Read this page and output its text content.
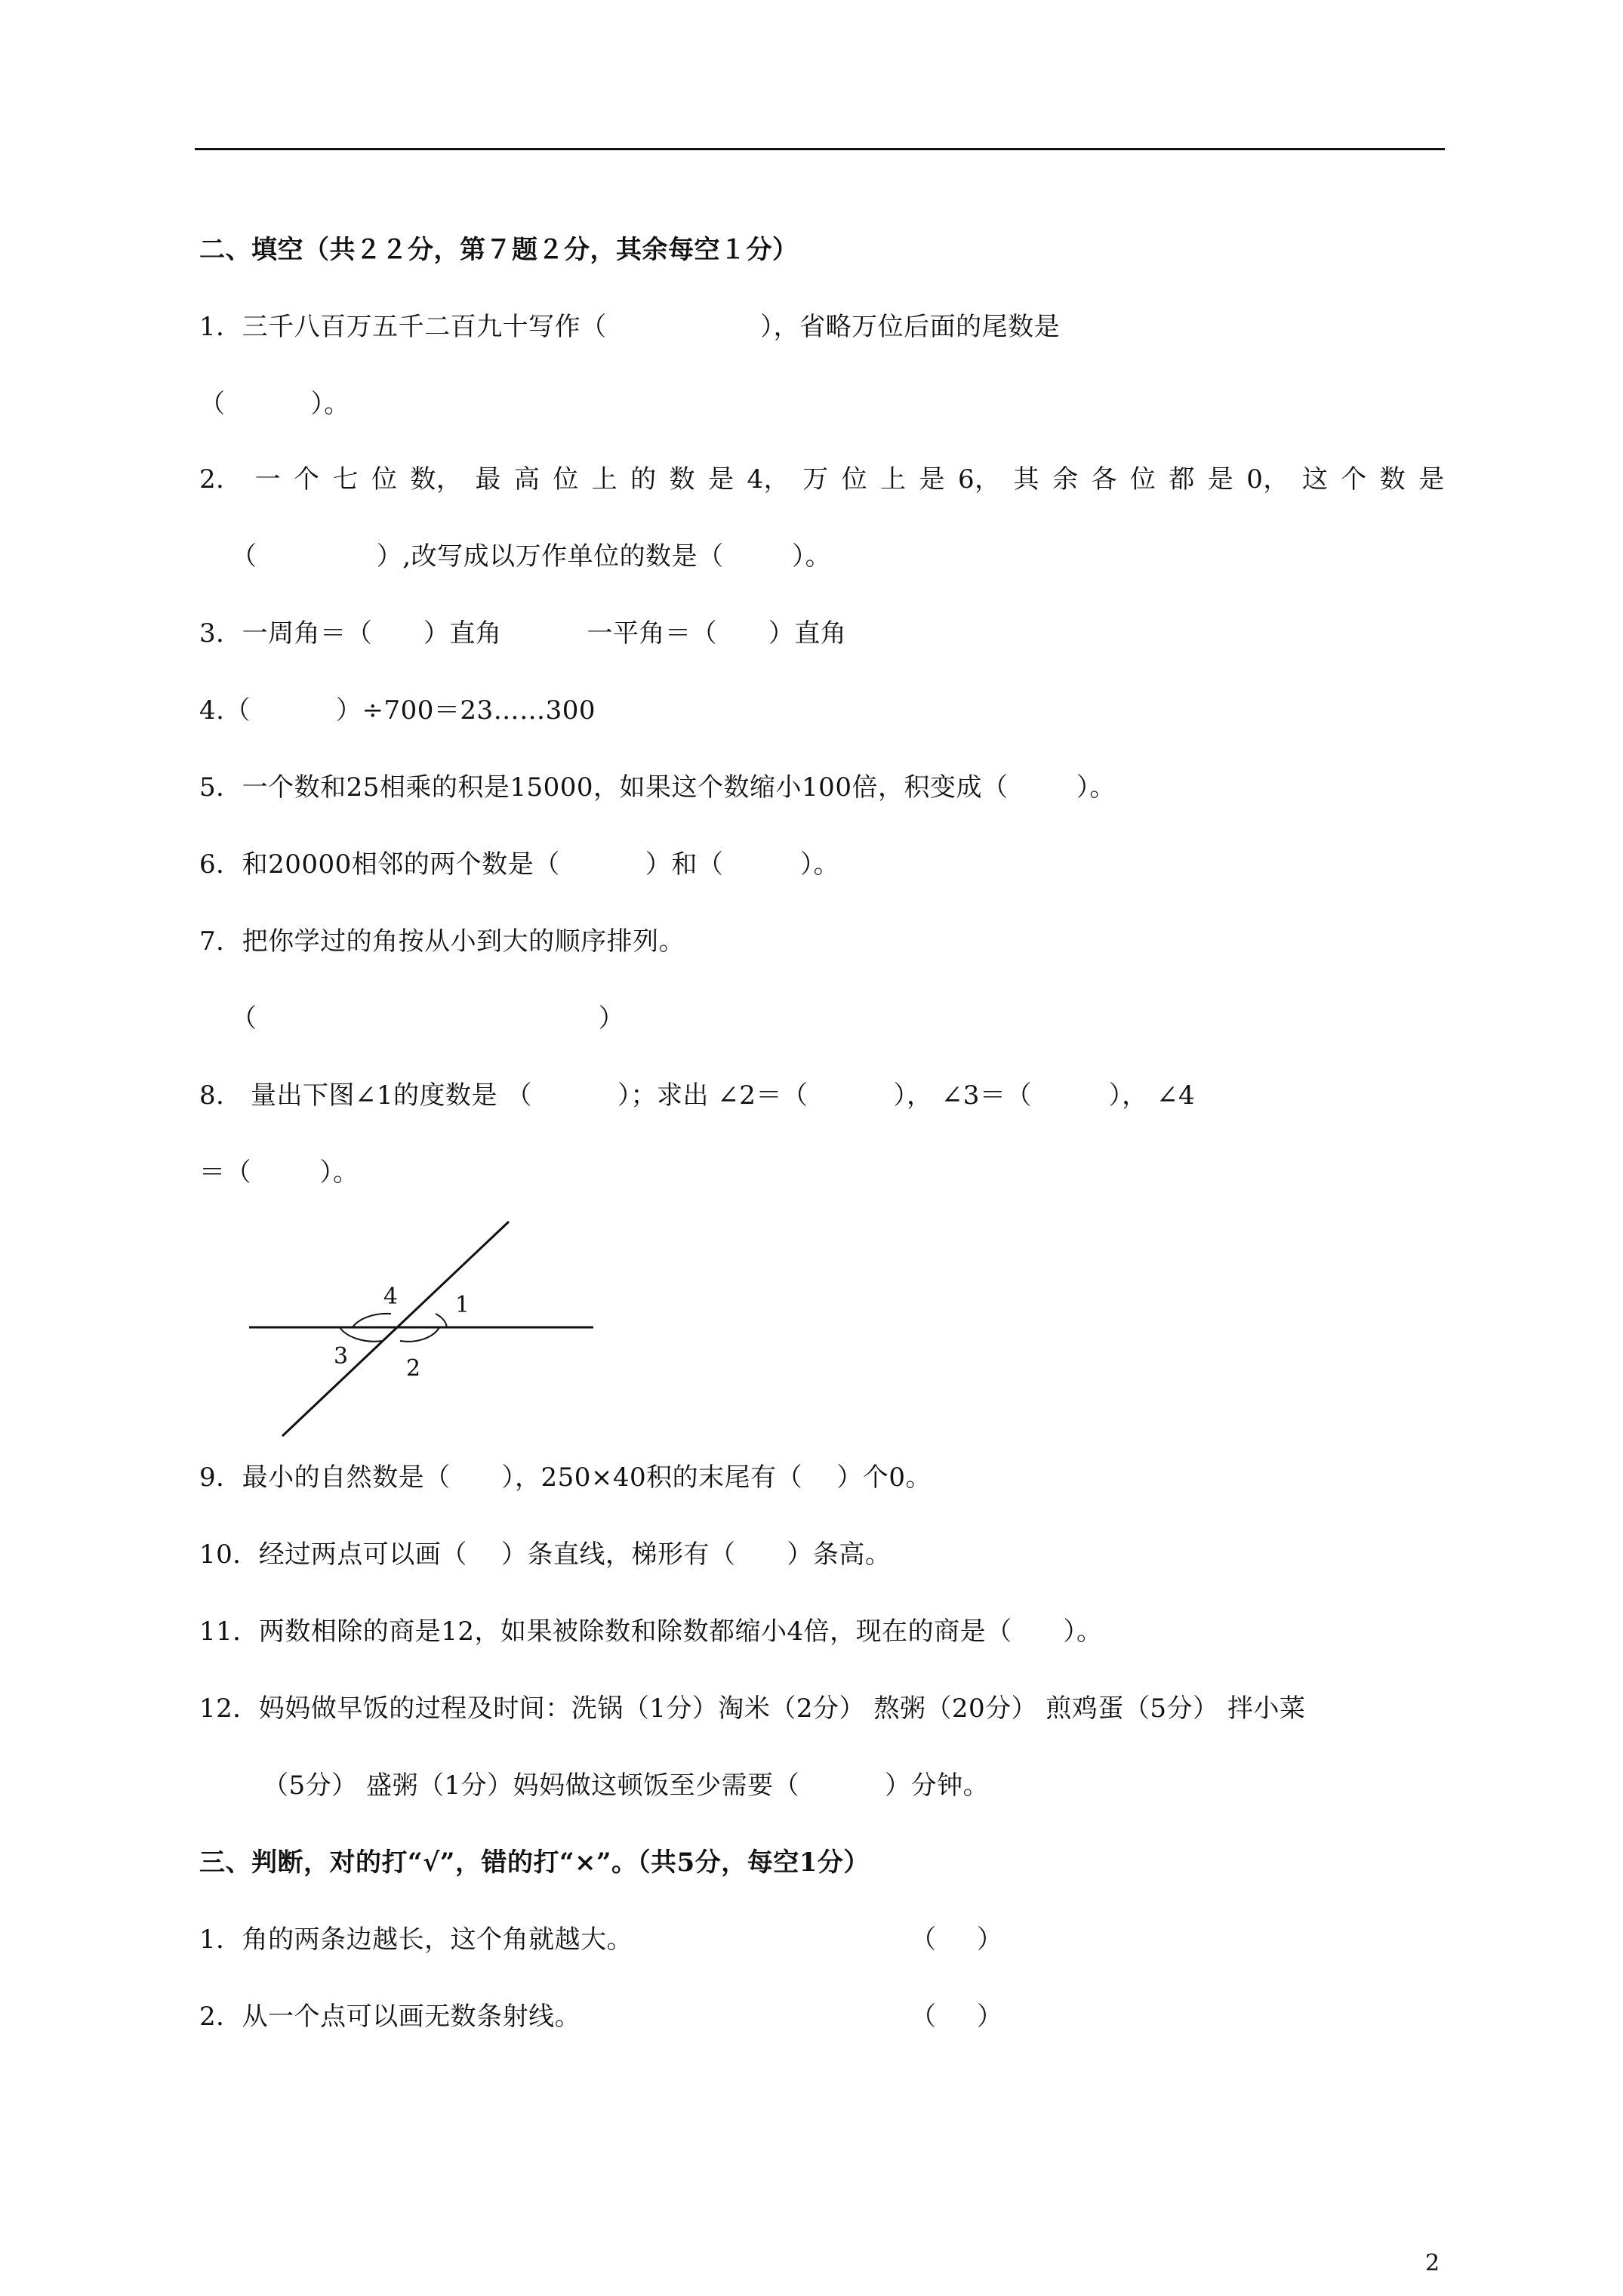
二、填空（共２２分，第７题２分，其余每空１分）
1．三千八百万五千二百九十写作（                  ），省略万位后面的尾数是
（          ）。
2． 一 个 七 位 数， 最 高 位 上 的 数 是 4， 万 位 上 是 6， 其 余 各 位 都 是 0， 这 个 数 是
（              ）,改写成以万作单位的数是（        ）。
3．一周角＝（      ）直角          一平角＝（      ）直角
4.（          ）÷700＝23……300
5．一个数和25相乘的积是15000，如果这个数缩小100倍，积变成（        ）。
6．和20000相邻的两个数是（          ）和（         ）。
7．把你学过的角按从小到大的顺序排列。
（                                        ）
8． 量出下图∠1的度数是 （          ）；求出 ∠2＝（          ）， ∠3＝（         ）， ∠4
＝（        ）。
4	1
3	2
9．最小的自然数是（      ），250×40积的末尾有（    ）个0。
10．经过两点可以画（    ）条直线，梯形有（      ）条高。
11．两数相除的商是12，如果被除数和除数都缩小4倍，现在的商是（      ）。
12．妈妈做早饭的过程及时间：洗锅（1分）淘米（2分） 熬粥（20分） 煎鸡蛋（5分） 拌小菜
（5分） 盛粥（1分）妈妈做这顿饭至少需要（          ）分钟。
三、判断，对的打“√”，错的打“×”。（共5分，每空1分）
1．角的两条边越长，这个角就越大。	（     ）
2．从一个点可以画无数条射线。	（     ）
2
